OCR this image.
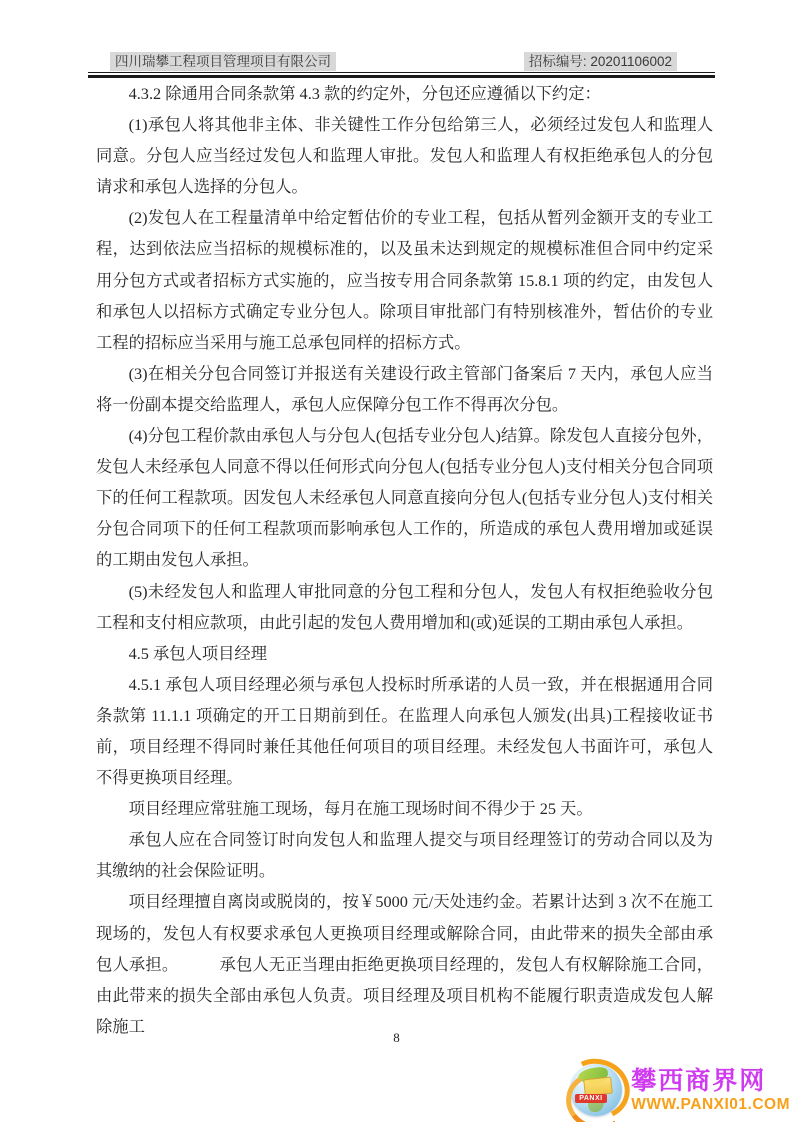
四川瑞攀工程项目管理项目有限公司	招标编号: 20201106002

4.3.2 除通用合同条款第 4.3 款的约定外，分包还应遵循以下约定：

(1)承包人将其他非主体、非关键性工作分包给第三人，必须经过发包人和监理人同意。分包人应当经过发包人和监理人审批。发包人和监理人有权拒绝承包人的分包请求和承包人选择的分包人。

(2)发包人在工程量清单中给定暂估价的专业工程，包括从暂列金额开支的专业工程，达到依法应当招标的规模标准的，以及虽未达到规定的规模标准但合同中约定采用分包方式或者招标方式实施的，应当按专用合同条款第 15.8.1 项的约定，由发包人和承包人以招标方式确定专业分包人。除项目审批部门有特别核准外，暂估价的专业工程的招标应当采用与施工总承包同样的招标方式。

(3)在相关分包合同签订并报送有关建设行政主管部门备案后 7 天内，承包人应当将一份副本提交给监理人，承包人应保障分包工作不得再次分包。

(4)分包工程价款由承包人与分包人(包括专业分包人)结算。除发包人直接分包外，发包人未经承包人同意不得以任何形式向分包人(包括专业分包人)支付相关分包合同项下的任何工程款项。因发包人未经承包人同意直接向分包人(包括专业分包人)支付相关分包合同项下的任何工程款项而影响承包人工作的，所造成的承包人费用增加或延误的工期由发包人承担。

(5)未经发包人和监理人审批同意的分包工程和分包人，发包人有权拒绝验收分包工程和支付相应款项，由此引起的发包人费用增加和(或)延误的工期由承包人承担。

4.5 承包人项目经理

4.5.1 承包人项目经理必须与承包人投标时所承诺的人员一致，并在根据通用合同条款第 11.1.1 项确定的开工日期前到任。在监理人向承包人颁发(出具)工程接收证书前，项目经理不得同时兼任其他任何项目的项目经理。未经发包人书面许可，承包人不得更换项目经理。

项目经理应常驻施工现场，每月在施工现场时间不得少于 25 天。

承包人应在合同签订时向发包人和监理人提交与项目经理签订的劳动合同以及为其缴纳的社会保险证明。

项目经理擅自离岗或脱岗的，按￥5000 元/天处违约金。若累计达到 3 次不在施工现场的，发包人有权要求承包人更换项目经理或解除合同，由此带来的损失全部由承包人承担。　　　承包人无正当理由拒绝更换项目经理的，发包人有权解除施工合同，由此带来的损失全部由承包人负责。项目经理及项目机构不能履行职责造成发包人解除施工

8
PANXI
攀西商界网
WWW.PANXI01.COM
